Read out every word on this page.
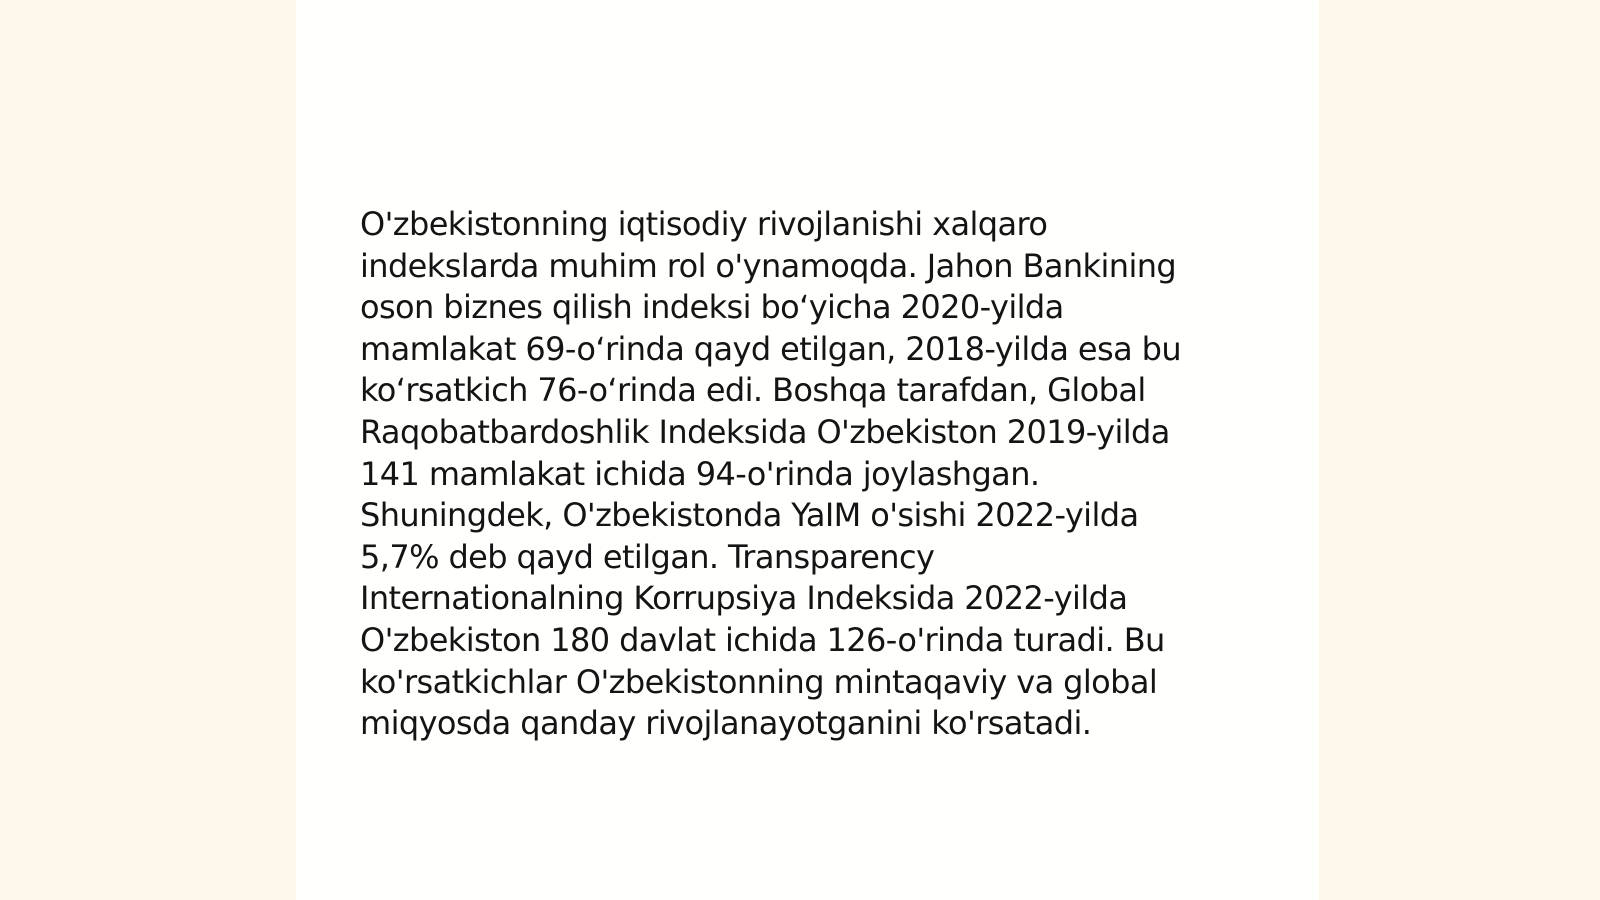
O'zbekistonning iqtisodiy rivojlanishi xalqaro
indekslarda muhim rol o'ynamoqda. Jahon Bankining
oson biznes qilish indeksi boʻyicha 2020-yilda
mamlakat 69-oʻrinda qayd etilgan, 2018-yilda esa bu
koʻrsatkich 76-oʻrinda edi. Boshqa tarafdan, Global
Raqobatbardoshlik Indeksida O'zbekiston 2019-yilda
141 mamlakat ichida 94-o'rinda joylashgan.
Shuningdek, O'zbekistonda YaIM o'sishi 2022-yilda
5,7% deb qayd etilgan. Transparency
Internationalning Korrupsiya Indeksida 2022-yilda
O'zbekiston 180 davlat ichida 126-o'rinda turadi. Bu
ko'rsatkichlar O'zbekistonning mintaqaviy va global
miqyosda qanday rivojlanayotganini ko'rsatadi.
